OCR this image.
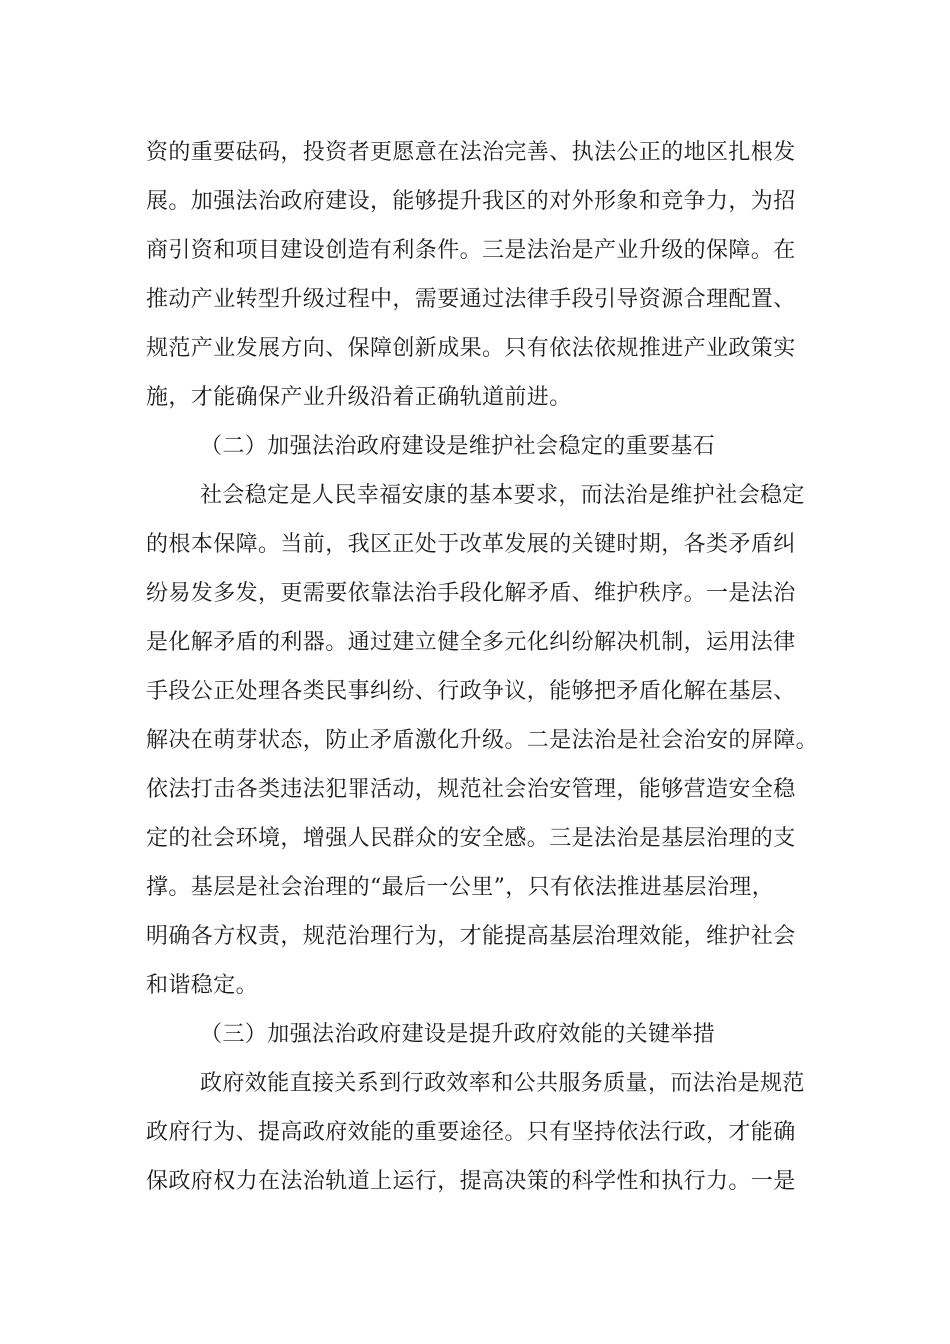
资的重要砝码，投资者更愿意在法治完善、执法公正的地区扎根发
展。加强法治政府建设，能够提升我区的对外形象和竞争力，为招
商引资和项目建设创造有利条件。三是法治是产业升级的保障。在
推动产业转型升级过程中，需要通过法律手段引导资源合理配置、
规范产业发展方向、保障创新成果。只有依法依规推进产业政策实
施，才能确保产业升级沿着正确轨道前进。
（二）加强法治政府建设是维护社会稳定的重要基石
社会稳定是人民幸福安康的基本要求，而法治是维护社会稳定
的根本保障。当前，我区正处于改革发展的关键时期，各类矛盾纠
纷易发多发，更需要依靠法治手段化解矛盾、维护秩序。一是法治
是化解矛盾的利器。通过建立健全多元化纠纷解决机制，运用法律
手段公正处理各类民事纠纷、行政争议，能够把矛盾化解在基层、
解决在萌芽状态，防止矛盾激化升级。二是法治是社会治安的屏障。
依法打击各类违法犯罪活动，规范社会治安管理，能够营造安全稳
定的社会环境，增强人民群众的安全感。三是法治是基层治理的支
撑。基层是社会治理的“最后一公里”，只有依法推进基层治理，
明确各方权责，规范治理行为，才能提高基层治理效能，维护社会
和谐稳定。
（三）加强法治政府建设是提升政府效能的关键举措
政府效能直接关系到行政效率和公共服务质量，而法治是规范
政府行为、提高政府效能的重要途径。只有坚持依法行政，才能确
保政府权力在法治轨道上运行，提高决策的科学性和执行力。一是
